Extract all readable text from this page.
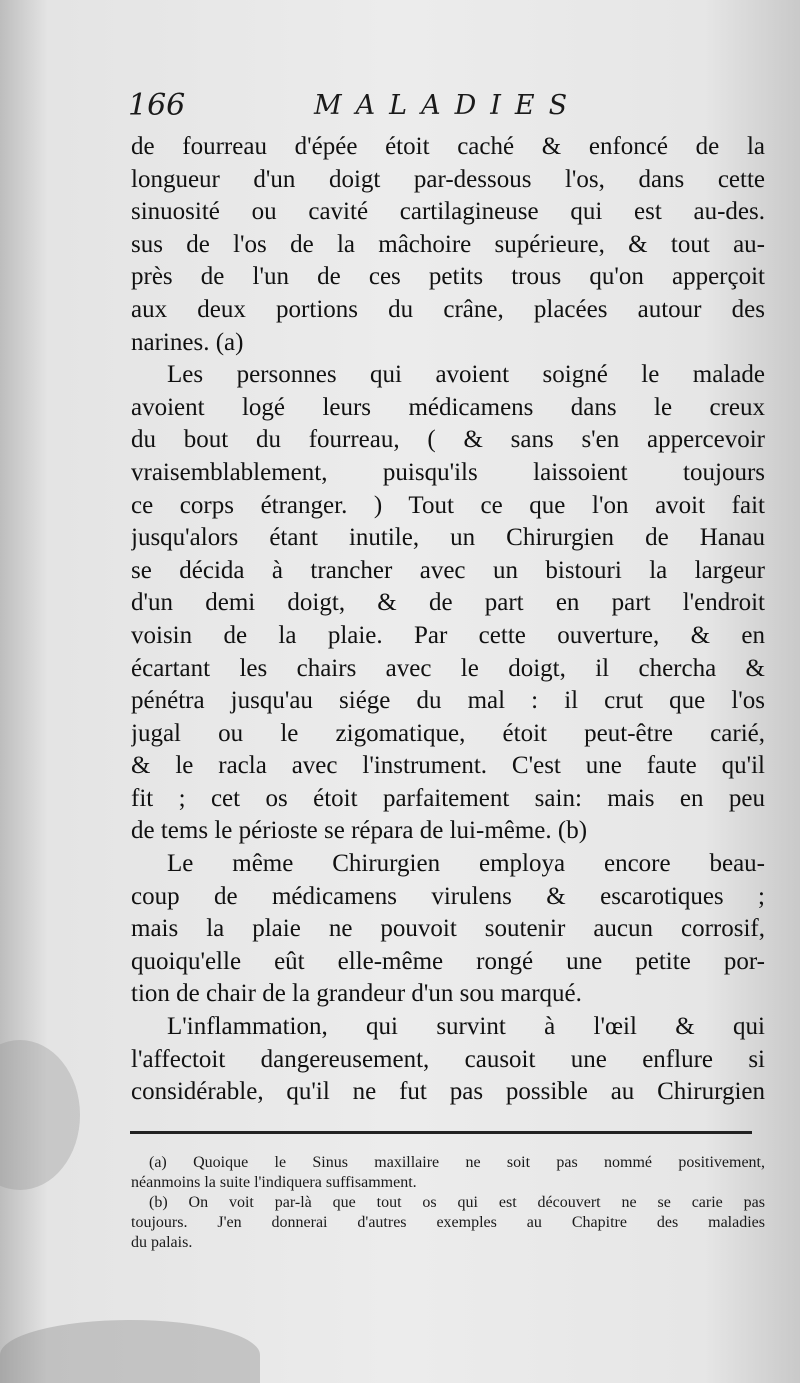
166	MALADIES
de fourreau d'épée étoit caché & enfoncé de la
longueur d'un doigt par-dessous l'os, dans cette
sinuosité ou cavité cartilagineuse qui est au-des.
sus de l'os de la mâchoire supérieure, & tout au-
près de l'un de ces petits trous qu'on apperçoit
aux deux portions du crâne, placées autour des
narines. (a)
Les personnes qui avoient soigné le malade
avoient logé leurs médicamens dans le creux
du bout du fourreau, ( & sans s'en appercevoir
vraisemblablement, puisqu'ils laissoient toujours
ce corps étranger. ) Tout ce que l'on avoit fait
jusqu'alors étant inutile, un Chirurgien de Hanau
se décida à trancher avec un bistouri la largeur
d'un demi doigt, & de part en part l'endroit
voisin de la plaie. Par cette ouverture, & en
écartant les chairs avec le doigt, il chercha &
pénétra jusqu'au siége du mal : il crut que l'os
jugal ou le zigomatique, étoit peut-être carié,
& le racla avec l'instrument. C'est une faute qu'il
fit ; cet os étoit parfaitement sain: mais en peu
de tems le périoste se répara de lui-même. (b)
Le même Chirurgien employa encore beau-
coup de médicamens virulens & escarotiques ;
mais la plaie ne pouvoit soutenir aucun corrosif,
quoiqu'elle eût elle-même rongé une petite por-
tion de chair de la grandeur d'un sou marqué.
L'inflammation, qui survint à l'œil & qui
l'affectoit dangereusement, causoit une enflure si
considérable, qu'il ne fut pas possible au Chirurgien
(a) Quoique le Sinus maxillaire ne soit pas nommé positivement,
néanmoins la suite l'indiquera suffisamment.
(b) On voit par-là que tout os qui est découvert ne se carie pas
toujours. J'en donnerai d'autres exemples au Chapitre des maladies
du palais.
